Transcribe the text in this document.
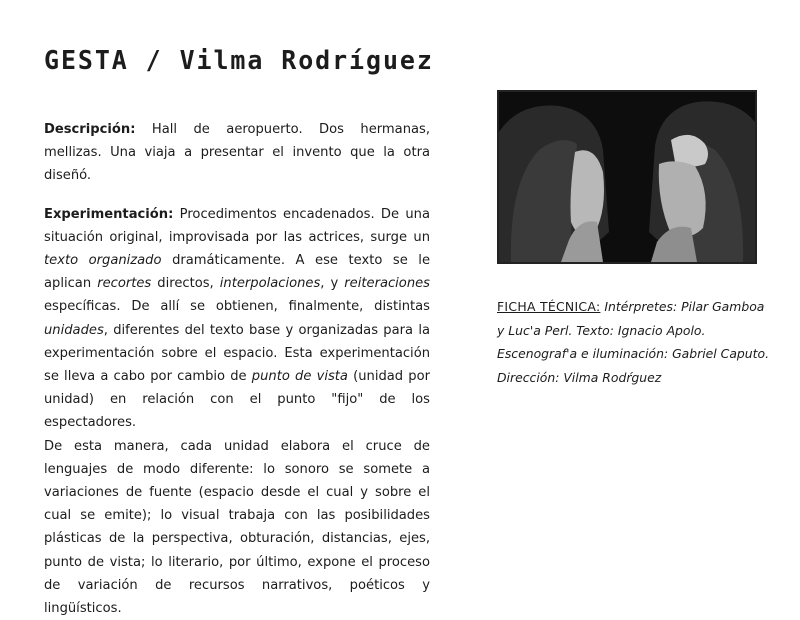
GESTA / Vilma Rodríguez

Descripción: Hall de aeropuerto. Dos hermanas, mellizas. Una viaja a presentar el invento que la otra diseñó.

Experimentación: Procedimentos encadenados. De una situación original, improvisada por las actrices, surge un texto organizado dramáticamente. A ese texto se le aplican recortes directos, interpolaciones, y reiteraciones específicas. De allí se obtienen, finalmente, distintas unidades, diferentes del texto base y organizadas para la experimentación sobre el espacio. Esta experimentación se lleva a cabo por cambio de punto de vista (unidad por unidad) en relación con el punto "fijo" de los espectadores.

De esta manera, cada unidad elabora el cruce de lenguajes de modo diferente: lo sonoro se somete a variaciones de fuente (espacio desde el cual y sobre el cual se emite); lo visual trabaja con las posibilidades plásticas de la perspectiva, obturación, distancias, ejes, punto de vista; lo literario, por último, expone el proceso de variación de recursos narrativos, poéticos y lingüísticos.

FICHA TÉCNICA: Intérpretes: Pilar Gamboa y Luc'a Perl. Texto: Ignacio Apolo. Escenograf'a e iluminación: Gabriel Caputo. Dirección: Vilma Rodŕguez
